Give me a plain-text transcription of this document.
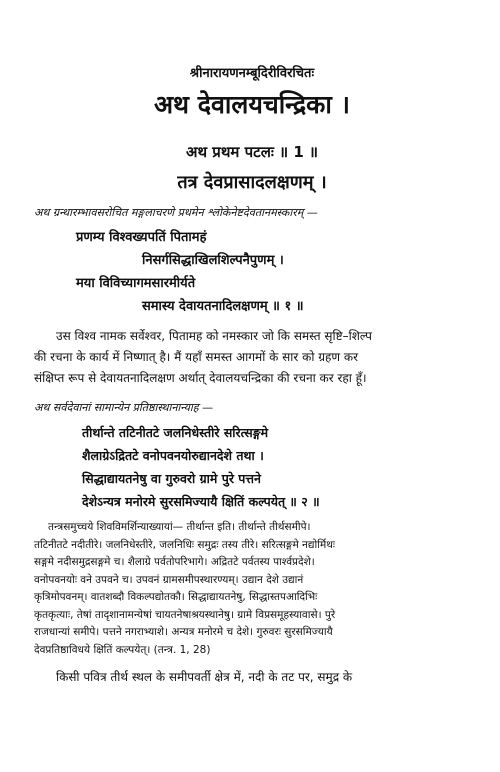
श्रीनारायणनम्बूदिरीविरचितः
अथ देवालयचन्द्रिका ।
अथ प्रथम पटलः ॥ 1 ॥
तत्र देवप्रासादलक्षणम् ।
अथ ग्रन्थारम्भावसरोचित मङ्गलाचरणे प्रथमेन श्लोकेनेष्टदेवतानमस्कारम् —
प्रणम्य विश्वख्यपतिं पितामहं
निसर्गसिद्धाखिलशिल्पनैपुणम् ।
मया विविच्यागमसारमीर्यते
समास्य देवायतनादिलक्षणम् ॥ १ ॥
उस विश्व नामक सर्वेश्वर, पितामह को नमस्कार जो कि समस्त सृष्टि–शिल्प
की रचना के कार्य में निष्णात् है। मैं यहाँ समस्त आगमों के सार को ग्रहण कर
संक्षिप्त रूप से देवायतनादिलक्षण अर्थात् देवालयचन्द्रिका की रचना कर रहा हूँ।
अथ सर्वदेवानां सामान्येन प्रतिष्ठास्थानान्याह —
तीर्थान्ते तटिनीतटे जलनिधेस्तीरे सरित्सङ्गमे
शैलाग्रेऽद्रितटे वनोपवनयोरुद्यानदेशे तथा ।
सिद्धाद्यायतनेषु वा गुरुवरो ग्रामे पुरे पत्तने
देशेऽन्यत्र मनोरमे सुरसमिज्यायै क्षितिं कल्पयेत् ॥ २ ॥
तन्त्रसमुच्चये शिवविमर्शिन्याख्यायां— तीर्थान्त इति। तीर्थान्ते तीर्थसमीपे।
तटिनीतटे नदीतीरे। जलनिधेस्तीरे, जलनिधिः समुद्रः तस्य तीरे। सरित्सङ्गमे नद्योर्मिथः
सङ्गमे नदीसमुद्रसङ्गमे च। शैलाग्रे पर्वतोपरिभागे। अद्रितटे पर्वतस्य पार्श्वप्रदेशे।
वनोपवनयोः वने उपवने च। उपवनं ग्रामसमीपस्थारण्यम्। उद्यान देशे उद्यानं
कृत्रिमोपवनम्। वातशब्दौ विकल्पद्योतकौ। सिद्धाद्यायतनेषु, सिद्धास्तपआदिभिः
कृतकृत्याः, तेषां तादृशानामन्येषां चायतनेषाश्रयस्थानेषु। ग्रामे विप्रसमूहस्यावासे। पुरे
राजधान्यां समीपे। पत्तने नगराभ्याशे। अन्यत्र मनोरमे च देशे। गुरुवरः सुरसमिज्यायै
देवप्रतिष्ठाविधये क्षितिं कल्पयेत्। (तन्त्र. 1, 28)
किसी पवित्र तीर्थ स्थल के समीपवर्ती क्षेत्र में, नदी के तट पर, समुद्र के
